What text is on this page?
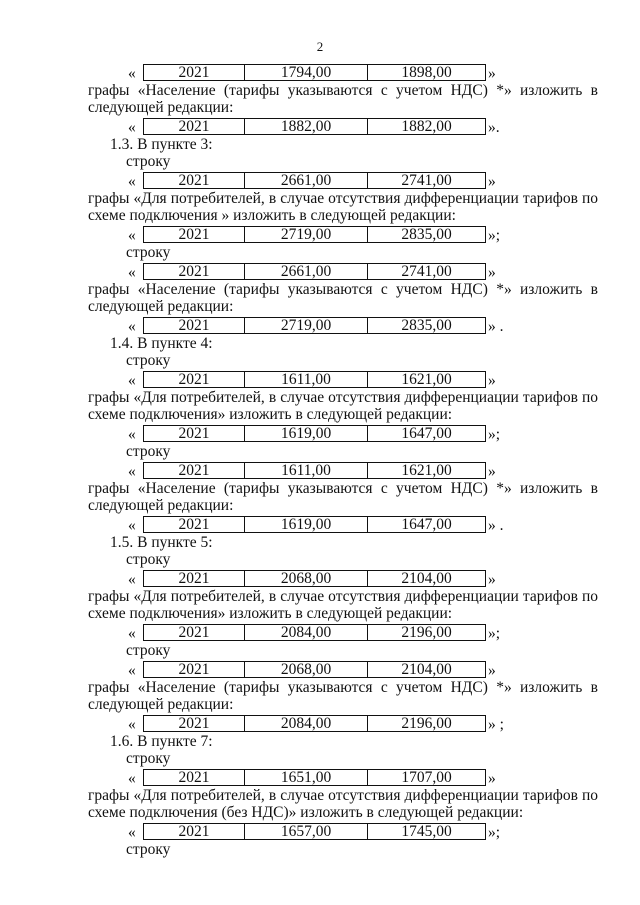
2
«	2021	1794,00	1898,00 »
графы «Население (тарифы указываются с учетом НДС) *» изложить в
следующей редакции:
«	2021	1882,00	1882,00 ».
1.3. В пункте 3:
строку
«	2021	2661,00	2741,00 »
графы «Для потребителей, в случае отсутствия дифференциации тарифов по
схеме подключения » изложить в следующей редакции:
«	2021	2719,00	2835,00 »;
строку
«	2021	2661,00	2741,00 »
графы «Население (тарифы указываются с учетом НДС) *» изложить в
следующей редакции:
«	2021	2719,00	2835,00 » .
1.4. В пункте 4:
строку
«	2021	1611,00	1621,00 »
графы «Для потребителей, в случае отсутствия дифференциации тарифов по
схеме подключения» изложить в следующей редакции:
«	2021	1619,00	1647,00 »;
строку
«	2021	1611,00	1621,00 »
графы «Население (тарифы указываются с учетом НДС) *» изложить в
следующей редакции:
«	2021	1619,00	1647,00 » .
1.5. В пункте 5:
строку
«	2021	2068,00	2104,00 »
графы «Для потребителей, в случае отсутствия дифференциации тарифов по
схеме подключения» изложить в следующей редакции:
«	2021	2084,00	2196,00 »;
строку
«	2021	2068,00	2104,00 »
графы «Население (тарифы указываются с учетом НДС) *» изложить в
следующей редакции:
«	2021	2084,00	2196,00 » ;
1.6. В пункте 7:
строку
«	2021	1651,00	1707,00 »
графы «Для потребителей, в случае отсутствия дифференциации тарифов по
схеме подключения (без НДС)» изложить в следующей редакции:
«	2021	1657,00	1745,00 »;
строку
